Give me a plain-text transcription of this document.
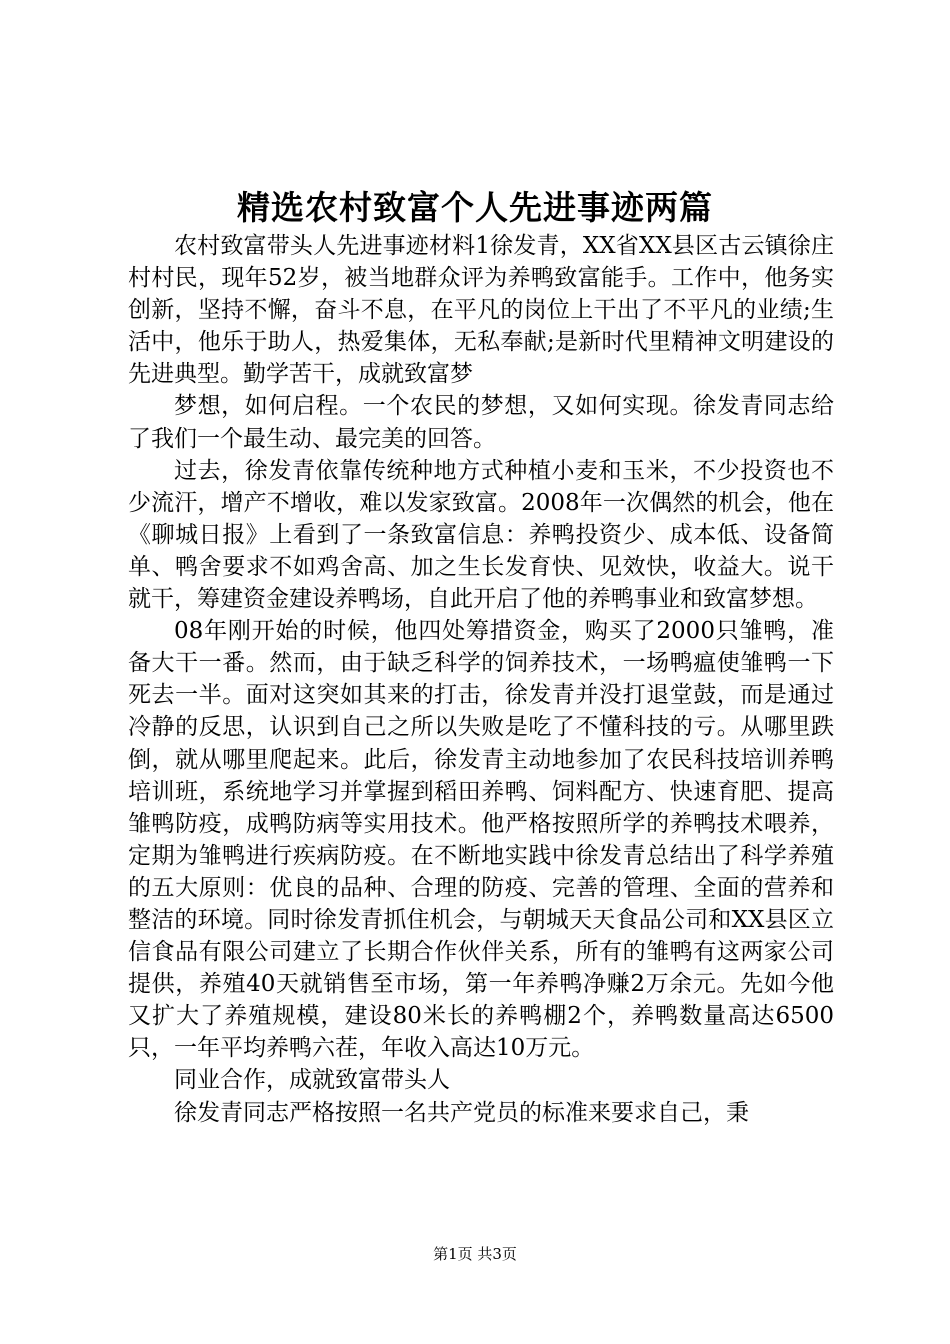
精选农村致富个人先进事迹两篇

农村致富带头人先进事迹材料1徐发青，XX省XX县区古云镇徐庄村村民，现年52岁，被当地群众评为养鸭致富能手。工作中，他务实创新，坚持不懈，奋斗不息，在平凡的岗位上干出了不平凡的业绩;生活中，他乐于助人，热爱集体，无私奉献;是新时代里精神文明建设的先进典型。勤学苦干，成就致富梦

梦想，如何启程。一个农民的梦想，又如何实现。徐发青同志给了我们一个最生动、最完美的回答。

过去，徐发青依靠传统种地方式种植小麦和玉米，不少投资也不少流汗，增产不增收，难以发家致富。2008年一次偶然的机会，他在《聊城日报》上看到了一条致富信息：养鸭投资少、成本低、设备简单、鸭舍要求不如鸡舍高、加之生长发育快、见效快，收益大。说干就干，筹建资金建设养鸭场，自此开启了他的养鸭事业和致富梦想。

08年刚开始的时候，他四处筹措资金，购买了2000只雏鸭，准备大干一番。然而，由于缺乏科学的饲养技术，一场鸭瘟使雏鸭一下死去一半。面对这突如其来的打击，徐发青并没打退堂鼓，而是通过冷静的反思，认识到自己之所以失败是吃了不懂科技的亏。从哪里跌倒，就从哪里爬起来。此后，徐发青主动地参加了农民科技培训养鸭培训班，系统地学习并掌握到稻田养鸭、饲料配方、快速育肥、提高雏鸭防疫，成鸭防病等实用技术。他严格按照所学的养鸭技术喂养，定期为雏鸭进行疾病防疫。在不断地实践中徐发青总结出了科学养殖的五大原则：优良的品种、合理的防疫、完善的管理、全面的营养和整洁的环境。同时徐发青抓住机会，与朝城天天食品公司和XX县区立信食品有限公司建立了长期合作伙伴关系，所有的雏鸭有这两家公司提供，养殖40天就销售至市场，第一年养鸭净赚2万余元。先如今他又扩大了养殖规模，建设80米长的养鸭棚2个，养鸭数量高达6500只，一年平均养鸭六茬，年收入高达10万元。

同业合作，成就致富带头人

徐发青同志严格按照一名共产党员的标准来要求自己，秉

第1页 共3页
